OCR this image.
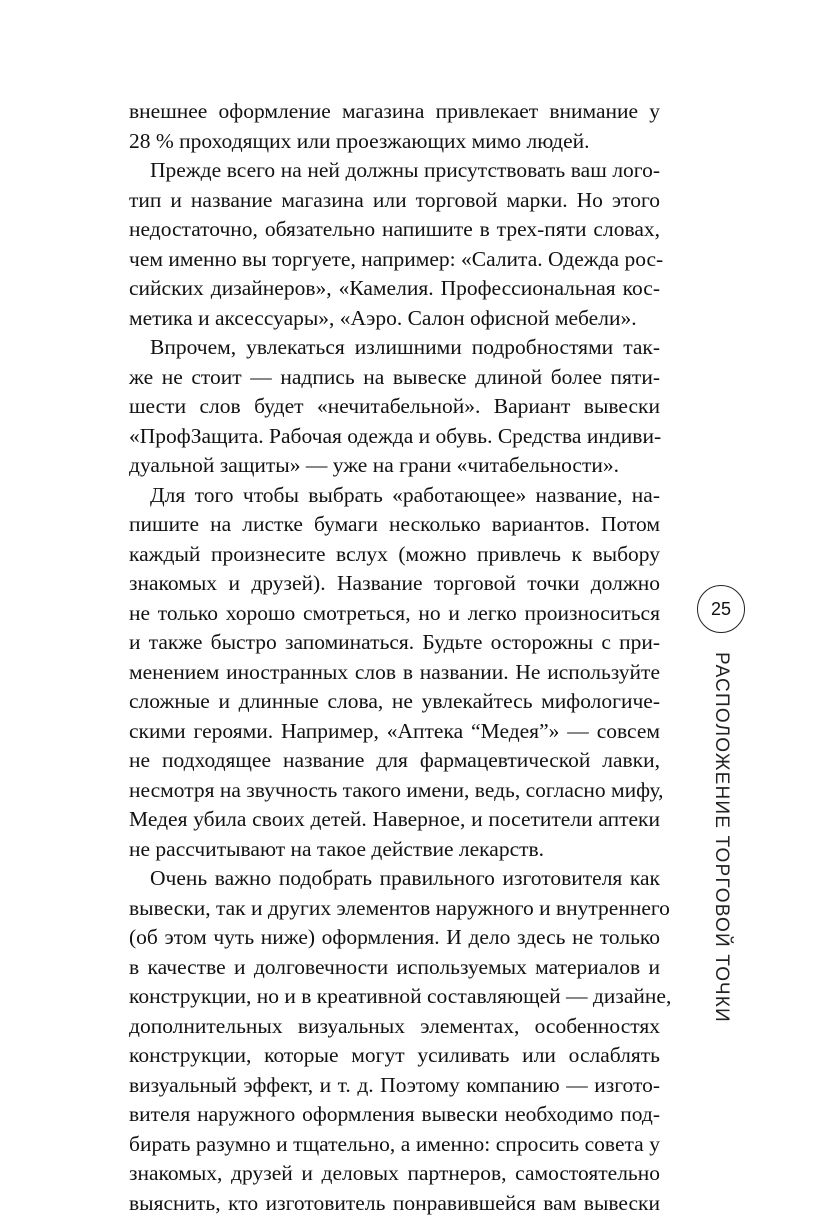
внешнее оформление магазина привлекает внимание у
28 % проходящих или проезжающих мимо людей.
Прежде всего на ней должны присутствовать ваш лого-
тип и название магазина или торговой марки. Но этого
недостаточно, обязательно напишите в трех-пяти словах,
чем именно вы торгуете, например: «Салита. Одежда рос-
сийских дизайнеров», «Камелия. Профессиональная кос-
метика и аксессуары», «Аэро. Салон офисной мебели».
Впрочем, увлекаться излишними подробностями так-
же не стоит — надпись на вывеске длиной более пяти-
шести слов будет «нечитабельной». Вариант вывески
«ПрофЗащита. Рабочая одежда и обувь. Средства индиви-
дуальной защиты» — уже на грани «читабельности».
Для того чтобы выбрать «работающее» название, на-
пишите на листке бумаги несколько вариантов. Потом
каждый произнесите вслух (можно привлечь к выбору
знакомых и друзей). Название торговой точки должно
не только хорошо смотреться, но и легко произноситься
и также быстро запоминаться. Будьте осторожны с при-
менением иностранных слов в названии. Не используйте
сложные и длинные слова, не увлекайтесь мифологиче-
скими героями. Например, «Аптека “Медея”» — совсем
не подходящее название для фармацевтической лавки,
несмотря на звучность такого имени, ведь, согласно мифу,
Медея убила своих детей. Наверное, и посетители аптеки
не рассчитывают на такое действие лекарств.
Очень важно подобрать правильного изготовителя как
вывески, так и других элементов наружного и внутреннего
(об этом чуть ниже) оформления. И дело здесь не только
в качестве и долговечности используемых материалов и
конструкции, но и в креативной составляющей — дизайне,
дополнительных визуальных элементах, особенностях
конструкции, которые могут усиливать или ослаблять
визуальный эффект, и т. д. Поэтому компанию — изгото-
вителя наружного оформления вывески необходимо под-
бирать разумно и тщательно, а именно: спросить совета у
знакомых, друзей и деловых партнеров, самостоятельно
выяснить, кто изготовитель понравившейся вам вывески
25
РАСПОЛОЖЕНИЕ ТОРГОВОЙ ТОЧКИ
